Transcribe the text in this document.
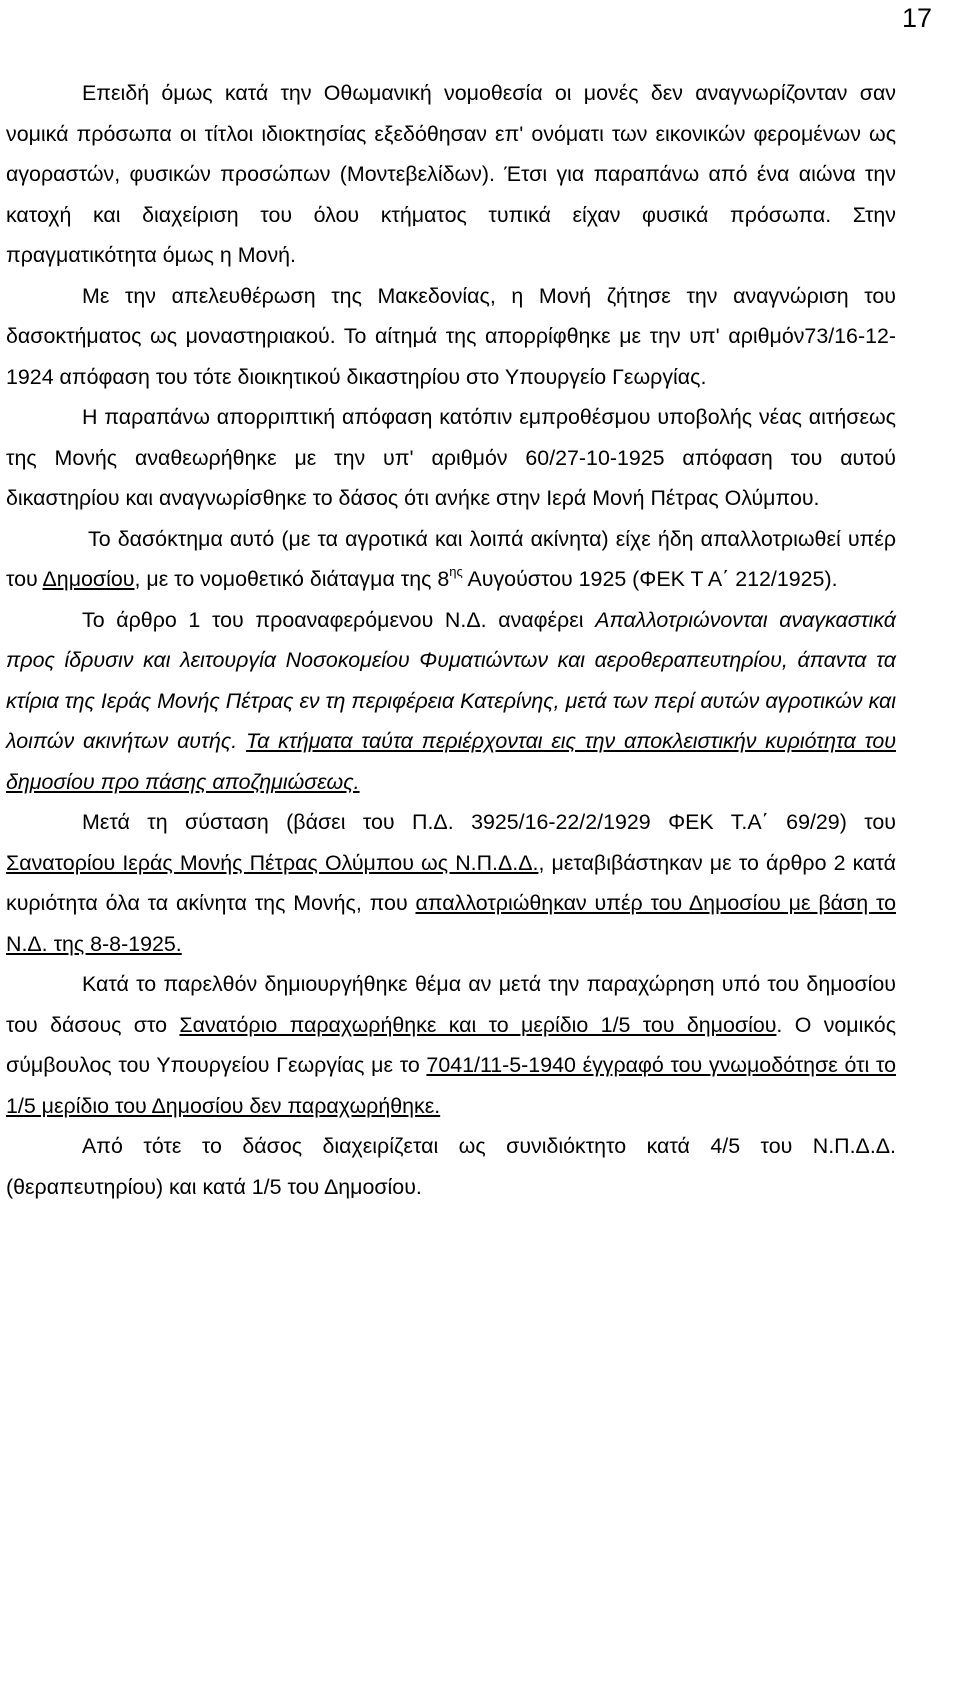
17

Επειδή όμως κατά την Οθωμανική νομοθεσία οι μονές δεν αναγνωρίζονταν σαν νομικά πρόσωπα οι τίτλοι ιδιοκτησίας εξεδόθησαν επ' ονόματι των εικονικών φερομένων ως αγοραστών, φυσικών προσώπων (Μοντεβελίδων). Έτσι για παραπάνω από ένα αιώνα την κατοχή και διαχείριση του όλου κτήματος τυπικά είχαν φυσικά πρόσωπα. Στην πραγματικότητα όμως η Μονή.

Με την απελευθέρωση της Μακεδονίας, η Μονή ζήτησε την αναγνώριση του δασοκτήματος ως μοναστηριακού. Το αίτημά της απορρίφθηκε με την υπ' αριθμόν73/16-12-1924 απόφαση του τότε διοικητικού δικαστηρίου στο Υπουργείο Γεωργίας.

Η παραπάνω απορριπτική απόφαση κατόπιν εμπροθέσμου υποβολής νέας αιτήσεως της Μονής αναθεωρήθηκε με την υπ' αριθμόν 60/27-10-1925 απόφαση του αυτού δικαστηρίου και αναγνωρίσθηκε το δάσος ότι ανήκε στην Ιερά Μονή Πέτρας Ολύμπου.

Το δασόκτημα αυτό (με τα αγροτικά και λοιπά ακίνητα) είχε ήδη απαλλοτριωθεί υπέρ του Δημοσίου, με το νομοθετικό διάταγμα της $8^{\eta\varsigma}$ Αυγούστου 1925 (ΦΕΚ Τ Α΄ 212/1925).

Το άρθρο 1 του προαναφερόμενου Ν.Δ. αναφέρει Απαλλοτριώνονται αναγκαστικά προς ίδρυσιν και λειτουργία Νοσοκομείου Φυματιώντων και αεροθεραπευτηρίου, άπαντα τα κτίρια της Ιεράς Μονής Πέτρας εν τη περιφέρεια Κατερίνης, μετά των περί αυτών αγροτικών και λοιπών ακινήτων αυτής. Τα κτήματα ταύτα περιέρχονται εις την αποκλειστικήν κυριότητα του δημοσίου προ πάσης αποζημιώσεως.

Μετά τη σύσταση (βάσει του Π.Δ. 3925/16-22/2/1929 ΦΕΚ Τ.Α΄ 69/29) του Σανατορίου Ιεράς Μονής Πέτρας Ολύμπου ως Ν.Π.Δ.Δ., μεταβιβάστηκαν με το άρθρο 2 κατά κυριότητα όλα τα ακίνητα της Μονής, που απαλλοτριώθηκαν υπέρ του Δημοσίου με βάση το Ν.Δ. της 8-8-1925.

Κατά το παρελθόν δημιουργήθηκε θέμα αν μετά την παραχώρηση υπό του δημοσίου του δάσους στο Σανατόριο παραχωρήθηκε και το μερίδιο 1/5 του δημοσίου. Ο νομικός σύμβουλος του Υπουργείου Γεωργίας με το 7041/11-5-1940 έγγραφό του γνωμοδότησε ότι το 1/5 μερίδιο του Δημοσίου δεν παραχωρήθηκε.

Από τότε το δάσος διαχειρίζεται ως συνιδιόκτητο κατά 4/5 του Ν.Π.Δ.Δ. (θεραπευτηρίου) και κατά 1/5 του Δημοσίου.
